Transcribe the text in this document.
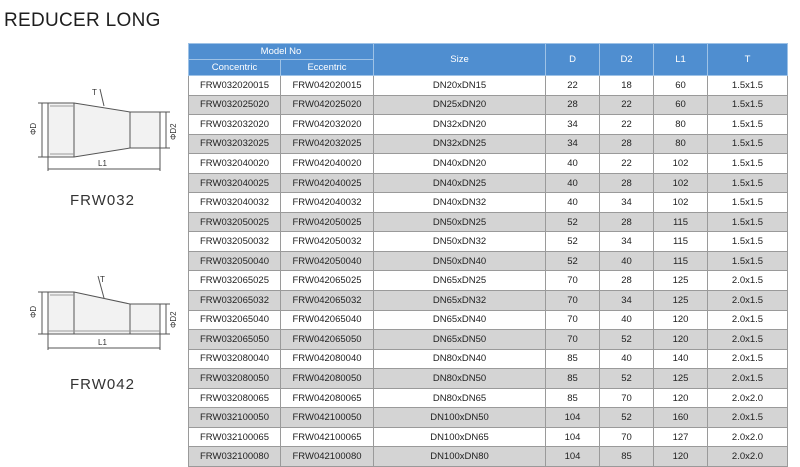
REDUCER LONG
T
ΦD	ΦD2
L1
FRW032
T
ΦD	ΦD2
L1
FRW042
Model No		Size	D	D2	L1	T
Concentric	Eccentric					
FRW032020015	FRW042020015	DN20xDN15	22	18	60	1.5x1.5
FRW032025020	FRW042025020	DN25xDN20	28	22	60	1.5x1.5
FRW032032020	FRW042032020	DN32xDN20	34	22	80	1.5x1.5
FRW032032025	FRW042032025	DN32xDN25	34	28	80	1.5x1.5
FRW032040020	FRW042040020	DN40xDN20	40	22	102	1.5x1.5
FRW032040025	FRW042040025	DN40xDN25	40	28	102	1.5x1.5
FRW032040032	FRW042040032	DN40xDN32	40	34	102	1.5x1.5
FRW032050025	FRW042050025	DN50xDN25	52	28	115	1.5x1.5
FRW032050032	FRW042050032	DN50xDN32	52	34	115	1.5x1.5
FRW032050040	FRW042050040	DN50xDN40	52	40	115	1.5x1.5
FRW032065025	FRW042065025	DN65xDN25	70	28	125	2.0x1.5
FRW032065032	FRW042065032	DN65xDN32	70	34	125	2.0x1.5
FRW032065040	FRW042065040	DN65xDN40	70	40	120	2.0x1.5
FRW032065050	FRW042065050	DN65xDN50	70	52	120	2.0x1.5
FRW032080040	FRW042080040	DN80xDN40	85	40	140	2.0x1.5
FRW032080050	FRW042080050	DN80xDN50	85	52	125	2.0x1.5
FRW032080065	FRW042080065	DN80xDN65	85	70	120	2.0x2.0
FRW032100050	FRW042100050	DN100xDN50	104	52	160	2.0x1.5
FRW032100065	FRW042100065	DN100xDN65	104	70	127	2.0x2.0
FRW032100080	FRW042100080	DN100xDN80	104	85	120	2.0x2.0
